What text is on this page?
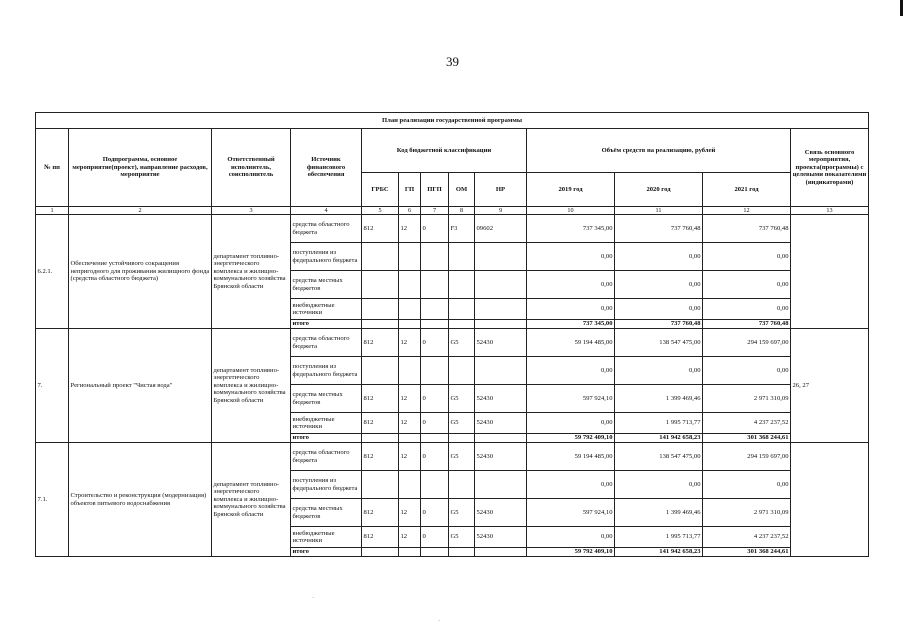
39
План реализации государственной программы												
№ пп	Подпрограмма, основное мероприятие(проект), направление расходов, мероприятие	Ответственный исполнитель, соисполнитель	Источник финансового обеспечения	Код бюджетной классификации					Объём средств на реализацию, рублей			Связь основного мероприятия, проекта(программы) с целевыми показателями (индикаторами)
				ГРБС	ГП	ПГП	ОМ	НР	2019 год	2020 год	2021 год	
1	2	3	4	5	6	7	8	9	10	11	12	13
6.2.1.	Обеспечение устойчивого сокращения непригодного для проживания жилищного фонда (средства областного бюджета)	департамент топливно-энергетического комплекса и жилищно-коммунального хозяйства Брянской области	средства областного бюджета	812	12	0	F3	09602	737 345,00	737 760,48	737 760,48	
			поступления из федерального бюджета						0,00	0,00	0,00	
			средства местных бюджетов						0,00	0,00	0,00	
			внебюджетные источники						0,00	0,00	0,00	
			итого						737 345,00	737 760,48	737 760,48	
7.	Региональный проект "Чистая вода"	департамент топливно-энергетического комплекса и жилищно-коммунального хозяйства Брянской области	средства областного бюджета	812	12	0	G5	52430	59 194 485,00	138 547 475,00	294 159 697,00	26, 27
			поступления из федерального бюджета						0,00	0,00	0,00	
			средства местных бюджетов	812	12	0	G5	52430	597 924,10	1 399 469,46	2 971 310,09	
			внебюджетные источники	812	12	0	G5	52430	0,00	1 995 713,77	4 237 237,52	
			итого						59 792 409,10	141 942 658,23	301 368 244,61	
7.1.	Строительство и реконструкция (модернизация) объектов питьевого водоснабжения	департамент топливно-энергетического комплекса и жилищно-коммунального хозяйства Брянской области	средства областного бюджета	812	12	0	G5	52430	59 194 485,00	138 547 475,00	294 159 697,00	
			поступления из федерального бюджета						0,00	0,00	0,00	
			средства местных бюджетов	812	12	0	G5	52430	597 924,10	1 399 469,46	2 971 310,09	
			внебюджетные источники	812	12	0	G5	52430	0,00	1 995 713,77	4 237 237,52	
			итого						59 792 409,10	141 942 658,23	301 368 244,61	
·
·
